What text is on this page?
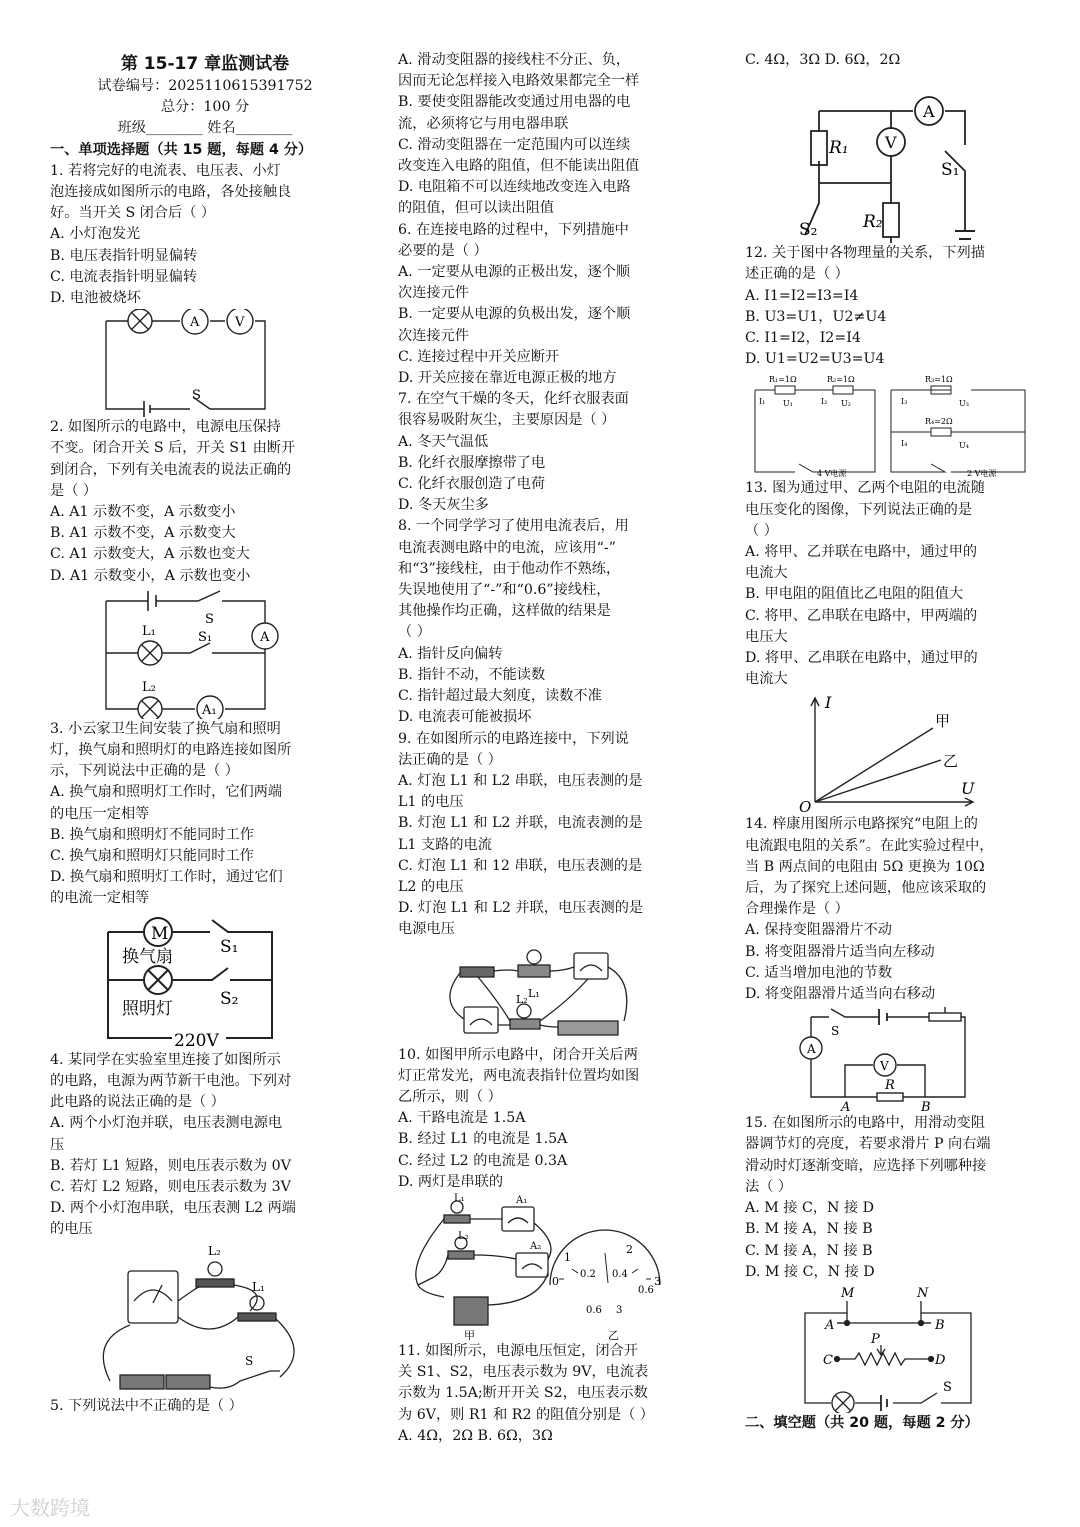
第 15-17 章监测试卷
试卷编号：2025110615391752
总分：100 分
班级________ 姓名________
一、单项选择题（共 15 题，每题 4 分）
1. 若将完好的电流表、电压表、小灯
泡连接成如图所示的电路，各处接触良
好。当开关 S 闭合后（ ）
A. 小灯泡发光
B. 电压表指针明显偏转
C. 电流表指针明显偏转
D. 电池被烧坏
A	V
S
2. 如图所示的电路中，电源电压保持
不变。闭合开关 S 后，开关 S1 由断开
到闭合，下列有关电流表的说法正确的
是（ ）
A. A1 示数不变，A 示数变小
B. A1 示数不变，A 示数变大
C. A1 示数变大，A 示数也变大
D. A1 示数变小，A 示数也变小
A
A₁
S
S₁
L₁
L₂
3. 小云家卫生间安装了换气扇和照明
灯，换气扇和照明灯的电路连接如图所
示，下列说法中正确的是（ ）
A. 换气扇和照明灯工作时，它们两端
的电压一定相等
B. 换气扇和照明灯不能同时工作
C. 换气扇和照明灯只能同时工作
D. 换气扇和照明灯工作时，通过它们
的电流一定相等
M
换气扇
照明灯
S₁
S₂
220V
4. 某同学在实验室里连接了如图所示
的电路，电源为两节新干电池。下列对
此电路的说法正确的是（ ）
A. 两个小灯泡并联，电压表测电源电
压
B. 若灯 L1 短路，则电压表示数为 0V
C. 若灯 L2 短路，则电压表示数为 3V
D. 两个小灯泡串联，电压表测 L2 两端
的电压
L₂
L₁
S
5. 下列说法中不正确的是（ ）
A. 滑动变阻器的接线柱不分正、负，
因而无论怎样接入电路效果都完全一样
B. 要使变阻器能改变通过用电器的电
流，必须将它与用电器串联
C. 滑动变阻器在一定范围内可以连续
改变连入电路的阻值，但不能读出阻值
D. 电阻箱不可以连续地改变连入电路
的阻值，但可以读出阻值
6. 在连接电路的过程中，下列措施中
必要的是（ ）
A. 一定要从电源的正极出发，逐个顺
次连接元件
B. 一定要从电源的负极出发，逐个顺
次连接元件
C. 连接过程中开关应断开
D. 开关应接在靠近电源正极的地方
7. 在空气干燥的冬天，化纤衣服表面
很容易吸附灰尘，主要原因是（ ）
A. 冬天气温低
B. 化纤衣服摩擦带了电
C. 化纤衣服创造了电荷
D. 冬天灰尘多
8. 一个同学学习了使用电流表后，用
电流表测电路中的电流，应该用“-”
和“3”接线柱，由于他动作不熟练，
失误地使用了“-”和“0.6”接线柱，
其他操作均正确，这样做的结果是
（ ）
A. 指针反向偏转
B. 指针不动，不能读数
C. 指针超过最大刻度，读数不准
D. 电流表可能被损坏
9. 在如图所示的电路连接中，下列说
法正确的是（ ）
A. 灯泡 L1 和 L2 串联，电压表测的是
L1 的电压
B. 灯泡 L1 和 L2 并联，电流表测的是
L1 支路的电流
C. 灯泡 L1 和 12 串联，电压表测的是
L2 的电压
D. 灯泡 L1 和 L2 并联，电压表测的是
电源电压
L₁
L₂
10. 如图甲所示电路中，闭合开关后两
灯正常发光，两电流表指针位置均如图
乙所示，则（ ）
A. 干路电流是 1.5A
B. 经过 L1 的电流是 1.5A
C. 经过 L2 的电流是 0.3A
D. 两灯是串联的
L₁
L₂
A₁
A₂
甲	乙
1
2
0	3
0.2 0.4
0.6
0.6 3
11. 如图所示，电源电压恒定，闭合开
关 S1、S2，电压表示数为 9V，电流表
示数为 1.5A;断开开关 S2，电压表示数
为 6V，则 R1 和 R2 的阻值分别是（ ）
A. 4Ω，2Ω B. 6Ω，3Ω
C. 4Ω，3Ω D. 6Ω，2Ω
A
V
R₁
R₂
S₁
S₂
12. 关于图中各物理量的关系，下列描
述正确的是（ ）
A. I1=I2=I3=I4
B. U3=U1，U2≠U4
C. I1=I2，I2=I4
D. U1=U2=U3=U4
R₁=1Ω	R₂=1Ω	R₃=1Ω
R₄=2Ω
I₁	I₂	I₃
I₄
U₁	U₂	U₃
U₄
4 V电源	2 V电源
13. 图为通过甲、乙两个电阻的电流随
电压变化的图像，下列说法正确的是
（ ）
A. 将甲、乙并联在电路中，通过甲的
电流大
B. 甲电阻的阻值比乙电阻的阻值大
C. 将甲、乙串联在电路中，甲两端的
电压大
D. 将甲、乙串联在电路中，通过甲的
电流大
I
U
O
甲
乙
14. 梓康用图所示电路探究“电阻上的
电流跟电阻的关系”。在此实验过程中，
当 B 两点间的电阻由 5Ω 更换为 10Ω
后，为了探究上述问题，他应该采取的
合理操作是（ ）
A. 保持变阻器滑片不动
B. 将变阻器滑片适当向左移动
C. 适当增加电池的节数
D. 将变阻器滑片适当向右移动
A
V
S
R
A	B
15. 在如图所示的电路中，用滑动变阻
器调节灯的亮度，若要求滑片 P 向右端
滑动时灯逐渐变暗，应选择下列哪种接
法（ ）
A. M 接 C，N 接 D
B. M 接 A，N 接 B
C. M 接 A，N 接 B
D. M 接 C，N 接 D
M	N
A	B
C	D
P
S
二、填空题（共 20 题，每题 2 分）
大数跨境
